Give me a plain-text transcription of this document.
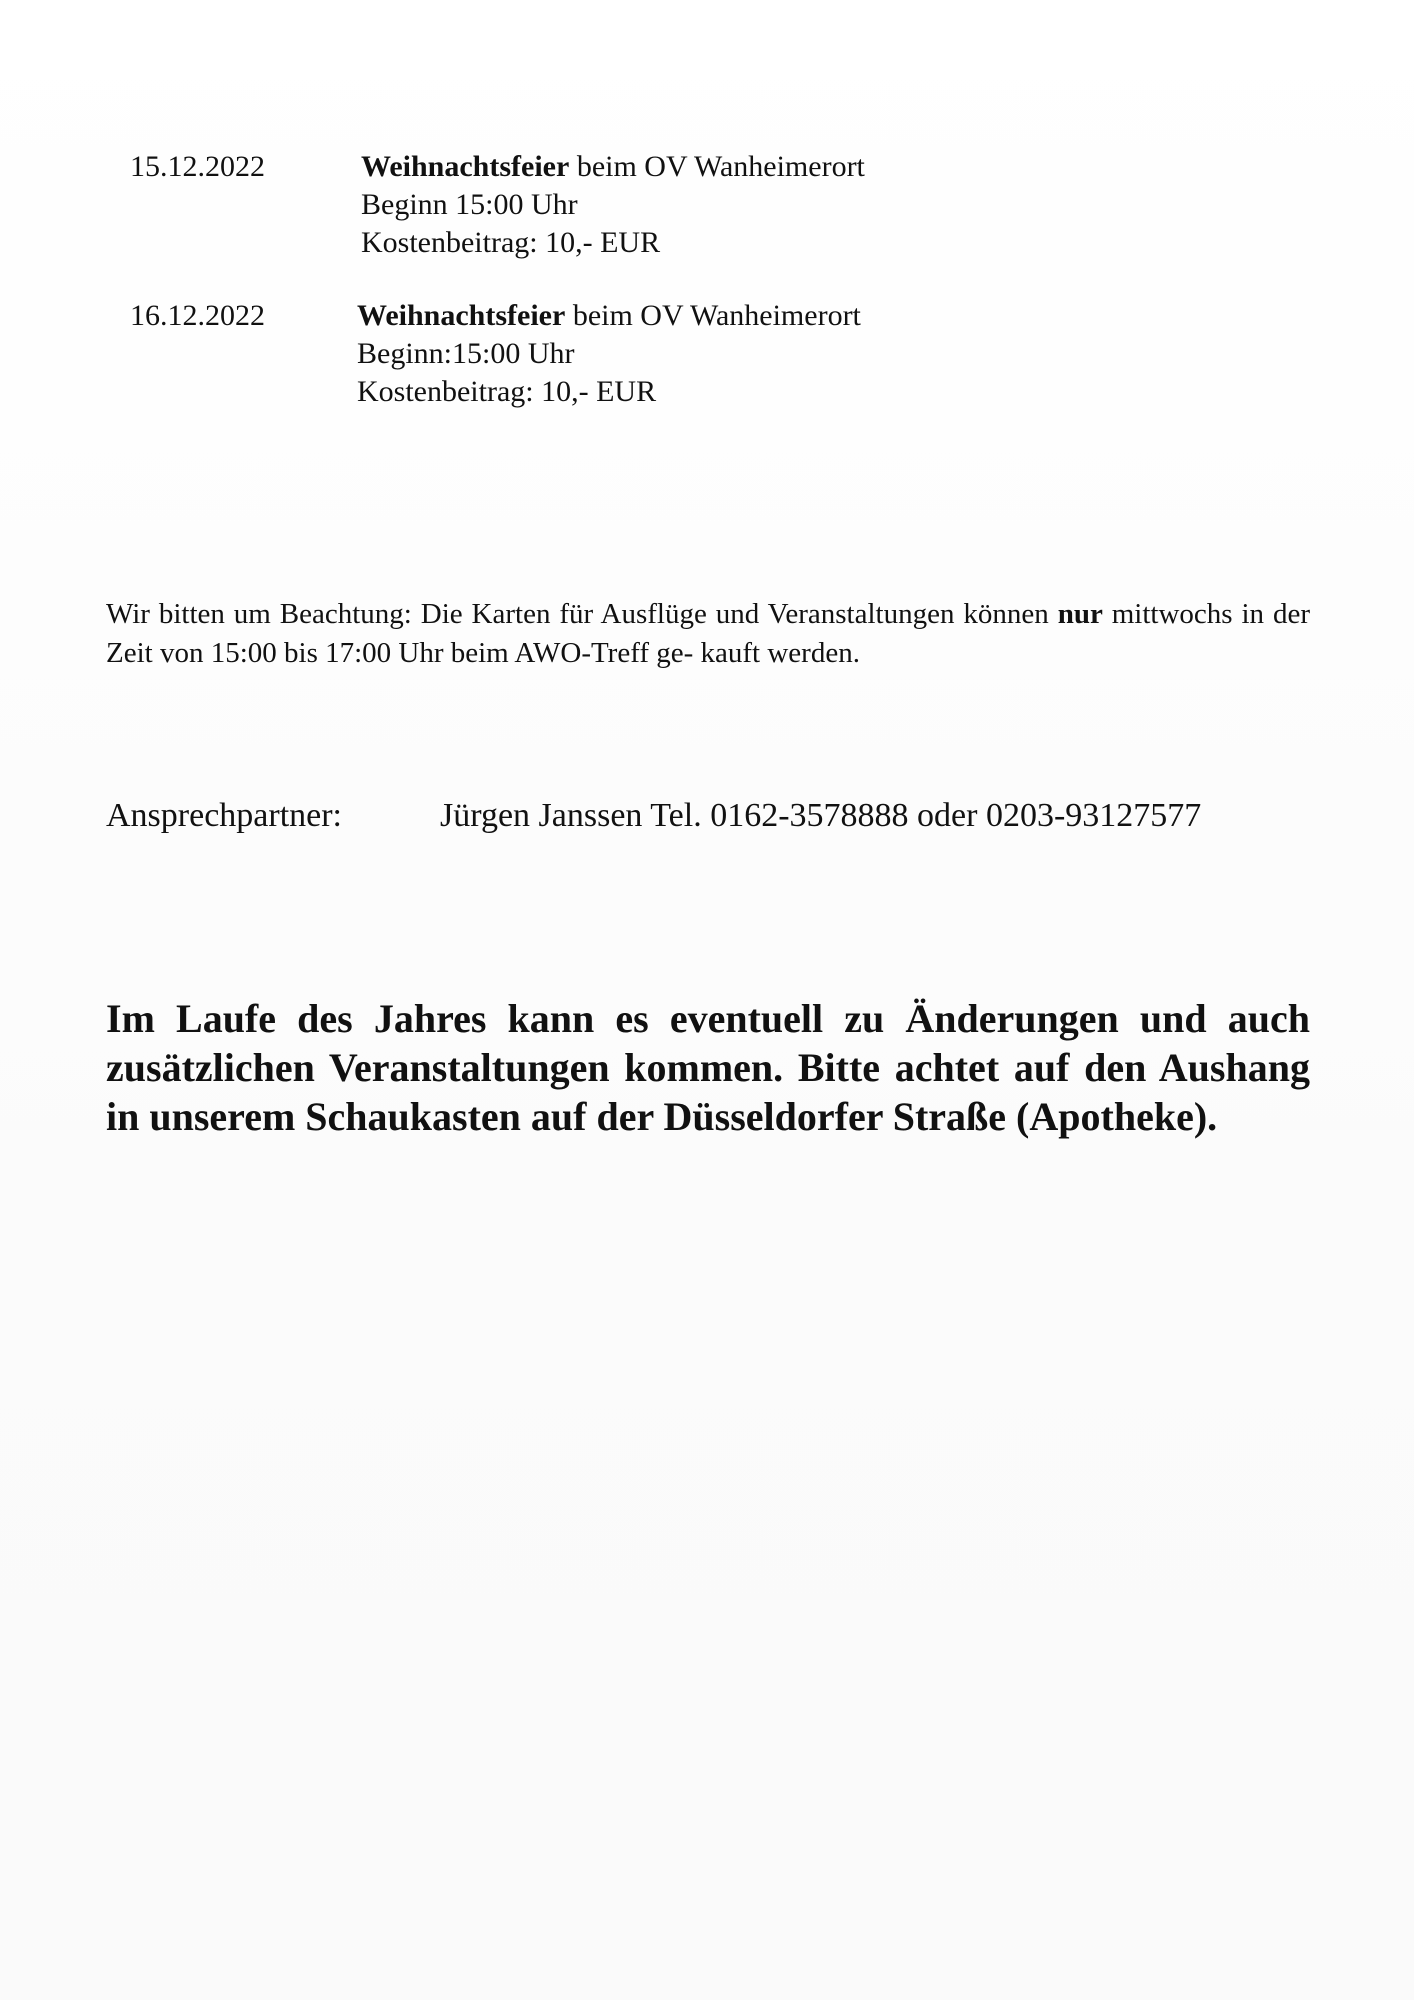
15.12.2022	Weihnachtsfeier beim OV Wanheimerort
Beginn 15:00 Uhr
Kostenbeitrag: 10,- EUR
16.12.2022	Weihnachtsfeier beim OV Wanheimerort
Beginn:15:00 Uhr
Kostenbeitrag: 10,- EUR

Wir bitten um Beachtung: Die Karten für Ausflüge und Veranstaltungen können nur mittwochs in der Zeit von 15:00 bis 17:00 Uhr beim AWO-Treff ge- kauft werden.

Ansprechpartner:	Jürgen Janssen Tel. 0162-3578888 oder 0203-93127577

Im Laufe des Jahres kann es eventuell zu Änderungen und auch zusätzlichen Veranstaltungen kommen. Bitte achtet auf den Aushang in unserem Schaukasten auf der Düsseldorfer Straße (Apotheke).
